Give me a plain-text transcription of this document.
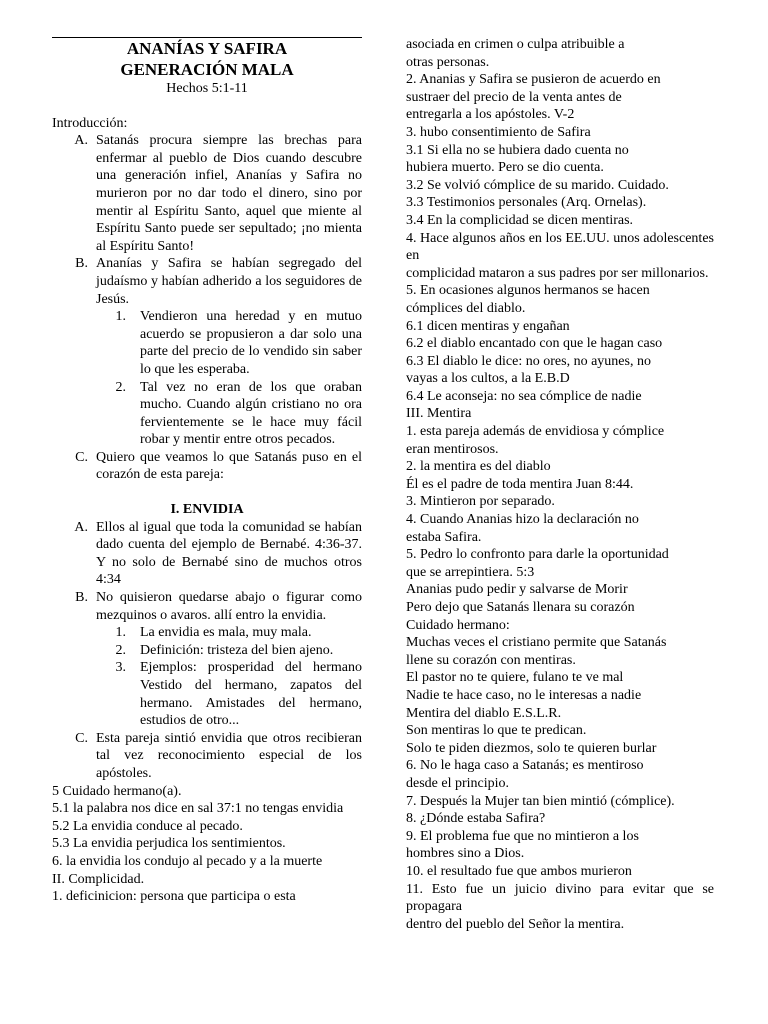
ANANÍAS Y SAFIRA

GENERACIÓN MALA

Hechos 5:1-11

Introducción:

A. Satanás procura siempre las brechas para enfermar al pueblo de Dios cuando descubre una generación infiel, Ananías y Safira no murieron por no dar todo el dinero, sino por mentir al Espíritu Santo, aquel que miente al Espíritu Santo puede ser sepultado; ¡no mienta al Espíritu Santo!
B. Ananías y Safira se habían segregado del judaísmo y habían adherido a los seguidores de Jesús.
1.	Vendieron una heredad y en mutuo acuerdo se propusieron a dar solo una parte del precio de lo vendido sin saber lo que les esperaba.
2.	Tal vez no eran de los que oraban mucho. Cuando algún cristiano no ora fervientemente se le hace muy fácil robar y mentir entre otros pecados.
C. Quiero que veamos lo que Satanás puso en el corazón de esta pareja:

I. ENVIDIA

A. Ellos al igual que toda la comunidad se habían dado cuenta del ejemplo de Bernabé. 4:36-37. Y no solo de Bernabé sino de muchos otros 4:34
B. No quisieron quedarse abajo o figurar como mezquinos o avaros. allí entro la envidia.
1.	La envidia es mala, muy mala.
2.	Definición: tristeza del bien ajeno.
3.	Ejemplos: prosperidad del hermano Vestido del hermano, zapatos del hermano. Amistades del hermano, estudios de otro...
C. Esta pareja sintió envidia que otros recibieran tal vez reconocimiento especial de los apóstoles.

5 Cuidado hermano(a).

5.1 la palabra nos dice en sal 37:1 no tengas envidia

5.2 La envidia conduce al pecado.

5.3 La envidia perjudica los sentimientos.

6. la envidia los condujo al pecado y a la muerte

II. Complicidad.

1. deficinicion: persona que participa o esta

asociada en crimen o culpa atribuible a

otras personas.

2. Ananias y Safira se pusieron de acuerdo en

sustraer del precio de la venta antes de

entregarla a los apóstoles. V-2

3. hubo consentimiento de Safira

3.1 Si ella no se hubiera dado cuenta no

hubiera muerto. Pero se dio cuenta.

3.2 Se volvió cómplice de su marido. Cuidado.

3.3 Testimonios personales (Arq. Ornelas).

3.4 En la complicidad se dicen mentiras.

4. Hace algunos años en los EE.UU. unos adolescentes en

complicidad mataron a sus padres por ser millonarios.

5. En ocasiones algunos hermanos se hacen

cómplices del diablo.

6.1 dicen mentiras y engañan

6.2 el diablo encantado con que le hagan caso

6.3 El diablo le dice: no ores, no ayunes, no

vayas a los cultos, a la E.B.D

6.4 Le aconseja: no sea cómplice de nadie

III. Mentira

1. esta pareja además de envidiosa y cómplice

eran mentirosos.

2. la mentira es del diablo

Él es el padre de toda mentira Juan 8:44.

3. Mintieron por separado.

4. Cuando Ananias hizo la declaración no

estaba Safira.

5. Pedro lo confronto para darle la oportunidad

que se arrepintiera. 5:3

Ananias pudo pedir y salvarse de Morir

Pero dejo que Satanás llenara su corazón

Cuidado hermano:

Muchas veces el cristiano permite que Satanás

llene su corazón con mentiras.

El pastor no te quiere, fulano te ve mal

Nadie te hace caso, no le interesas a nadie

Mentira del diablo E.S.L.R.

Son mentiras lo que te predican.

Solo te piden diezmos, solo te quieren burlar

6. No le haga caso a Satanás; es mentiroso

desde el principio.

7. Después la Mujer tan bien mintió (cómplice).

8. ¿Dónde estaba Safira?

9. El problema fue que no mintieron a los

hombres sino a Dios.

10. el resultado fue que ambos murieron

11. Esto fue un juicio divino para evitar que se propagara

dentro del pueblo del Señor la mentira.
